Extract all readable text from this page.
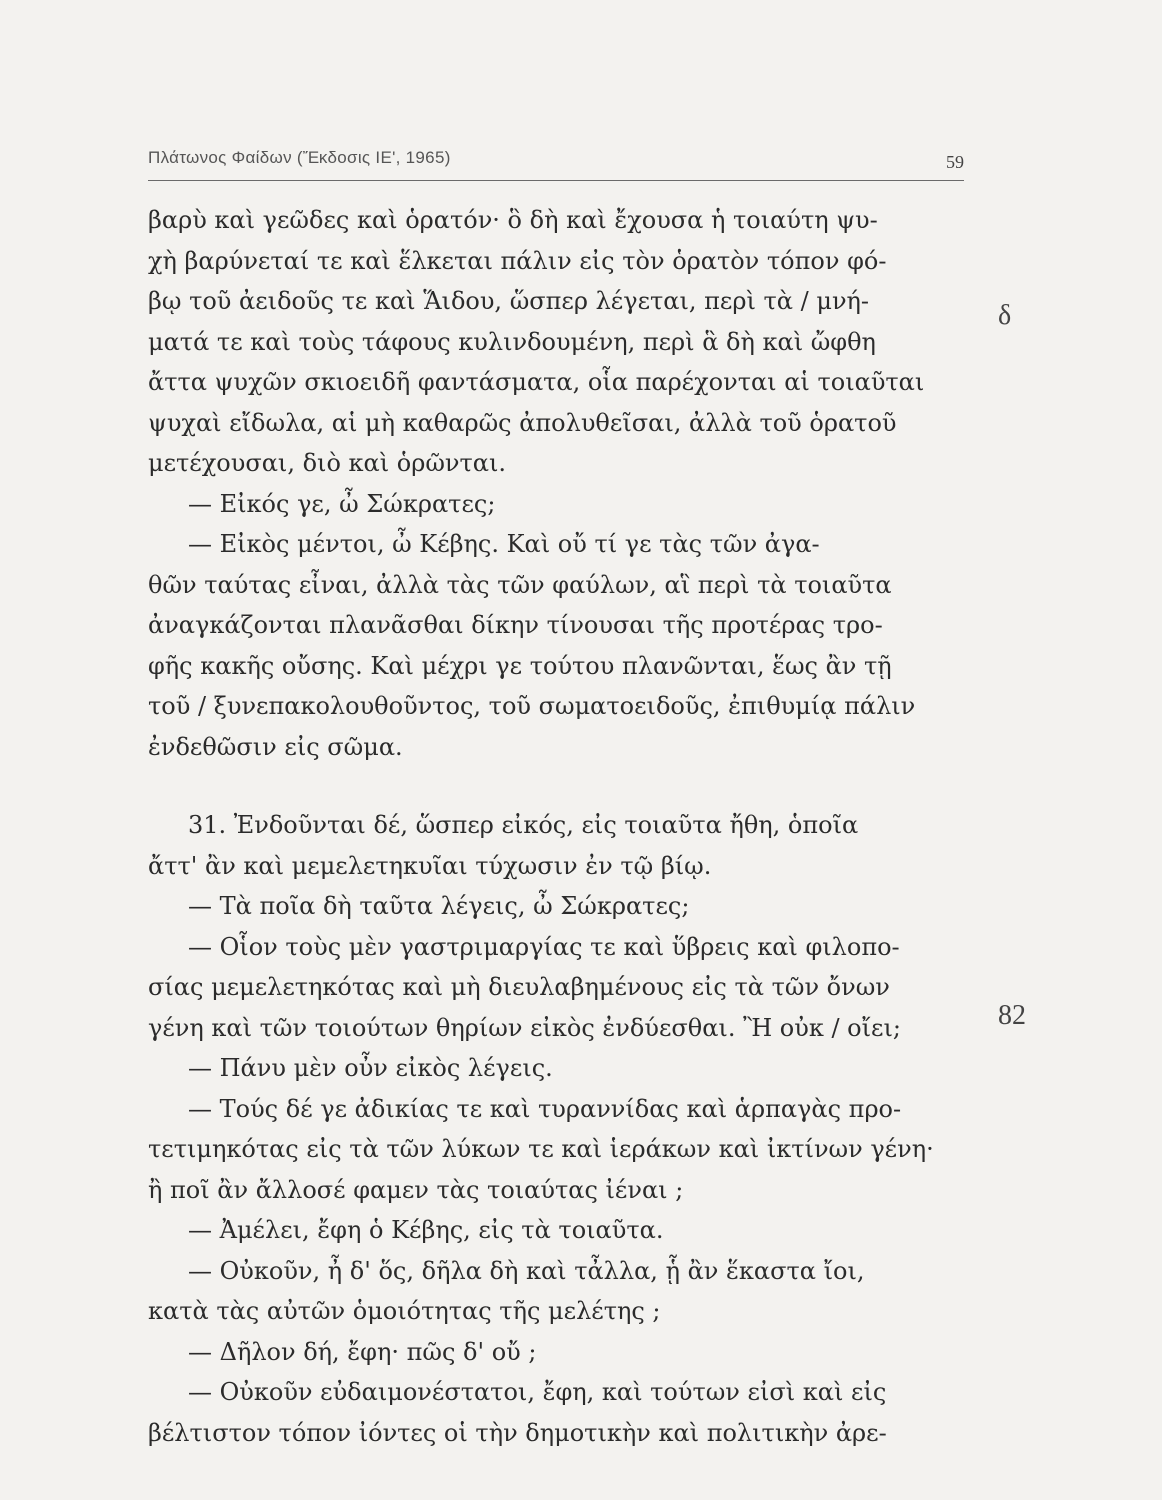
Πλάτωνος Φαίδων (Ἔκδοσις ΙΕ', 1965)	59
δ
82
βαρὺ καὶ γεῶδες καὶ ὁρατόν· ὃ δὴ καὶ ἔχουσα ἡ τοιαύτη ψυ-
χὴ βαρύνεταί τε καὶ ἕλκεται πάλιν εἰς τὸν ὁρατὸν τόπον φό-
βῳ τοῦ ἀειδοῦς τε καὶ Ἅιδου, ὥσπερ λέγεται, περὶ τὰ / μνή-
ματά τε καὶ τοὺς τάφους κυλινδουμένη, περὶ ἃ δὴ καὶ ὤφθη
ἄττα ψυχῶν σκιοειδῆ φαντάσματα, οἷα παρέχονται αἱ τοιαῦται
ψυχαὶ εἴδωλα, αἱ μὴ καθαρῶς ἀπολυθεῖσαι, ἀλλὰ τοῦ ὁρατοῦ
μετέχουσαι, διὸ καὶ ὁρῶνται.
— Εἰκός γε, ὦ Σώκρατες;
— Εἰκὸς μέντοι, ὦ Κέβης. Καὶ οὔ τί γε τὰς τῶν ἀγα-
θῶν ταύτας εἶναι, ἀλλὰ τὰς τῶν φαύλων, αἳ περὶ τὰ τοιαῦτα
ἀναγκάζονται πλανᾶσθαι δίκην τίνουσαι τῆς προτέρας τρο-
φῆς κακῆς οὔσης. Καὶ μέχρι γε τούτου πλανῶνται, ἕως ἂν τῇ
τοῦ / ξυνεπακολουθοῦντος, τοῦ σωματοειδοῦς, ἐπιθυμίᾳ πάλιν
ἐνδεθῶσιν εἰς σῶμα.
31. Ἐνδοῦνται δέ, ὥσπερ εἰκός, εἰς τοιαῦτα ἤθη, ὁποῖα
ἄττ' ἂν καὶ μεμελετηκυῖαι τύχωσιν ἐν τῷ βίῳ.
— Τὰ ποῖα δὴ ταῦτα λέγεις, ὦ Σώκρατες;
— Οἷον τοὺς μὲν γαστριμαργίας τε καὶ ὕβρεις καὶ φιλοπο-
σίας μεμελετηκότας καὶ μὴ διευλαβημένους εἰς τὰ τῶν ὄνων
γένη καὶ τῶν τοιούτων θηρίων εἰκὸς ἐνδύεσθαι. Ἢ οὐκ / οἴει;
— Πάνυ μὲν οὖν εἰκὸς λέγεις.
— Τούς δέ γε ἀδικίας τε καὶ τυραννίδας καὶ ἁρπαγὰς προ-
τετιμηκότας εἰς τὰ τῶν λύκων τε καὶ ἱεράκων καὶ ἰκτίνων γένη·
ἢ ποῖ ἂν ἄλλοσέ φαμεν τὰς τοιαύτας ἰέναι ;
— Ἀμέλει, ἔφη ὁ Κέβης, εἰς τὰ τοιαῦτα.
— Οὐκοῦν, ἦ δ' ὅς, δῆλα δὴ καὶ τἆλλα, ᾗ ἂν ἕκαστα ἴοι,
κατὰ τὰς αὐτῶν ὁμοιότητας τῆς μελέτης ;
— Δῆλον δή, ἔφη· πῶς δ' οὔ ;
— Οὐκοῦν εὐδαιμονέστατοι, ἔφη, καὶ τούτων εἰσὶ καὶ εἰς
βέλτιστον τόπον ἰόντες οἱ τὴν δημοτικὴν καὶ πολιτικὴν ἀρε-
